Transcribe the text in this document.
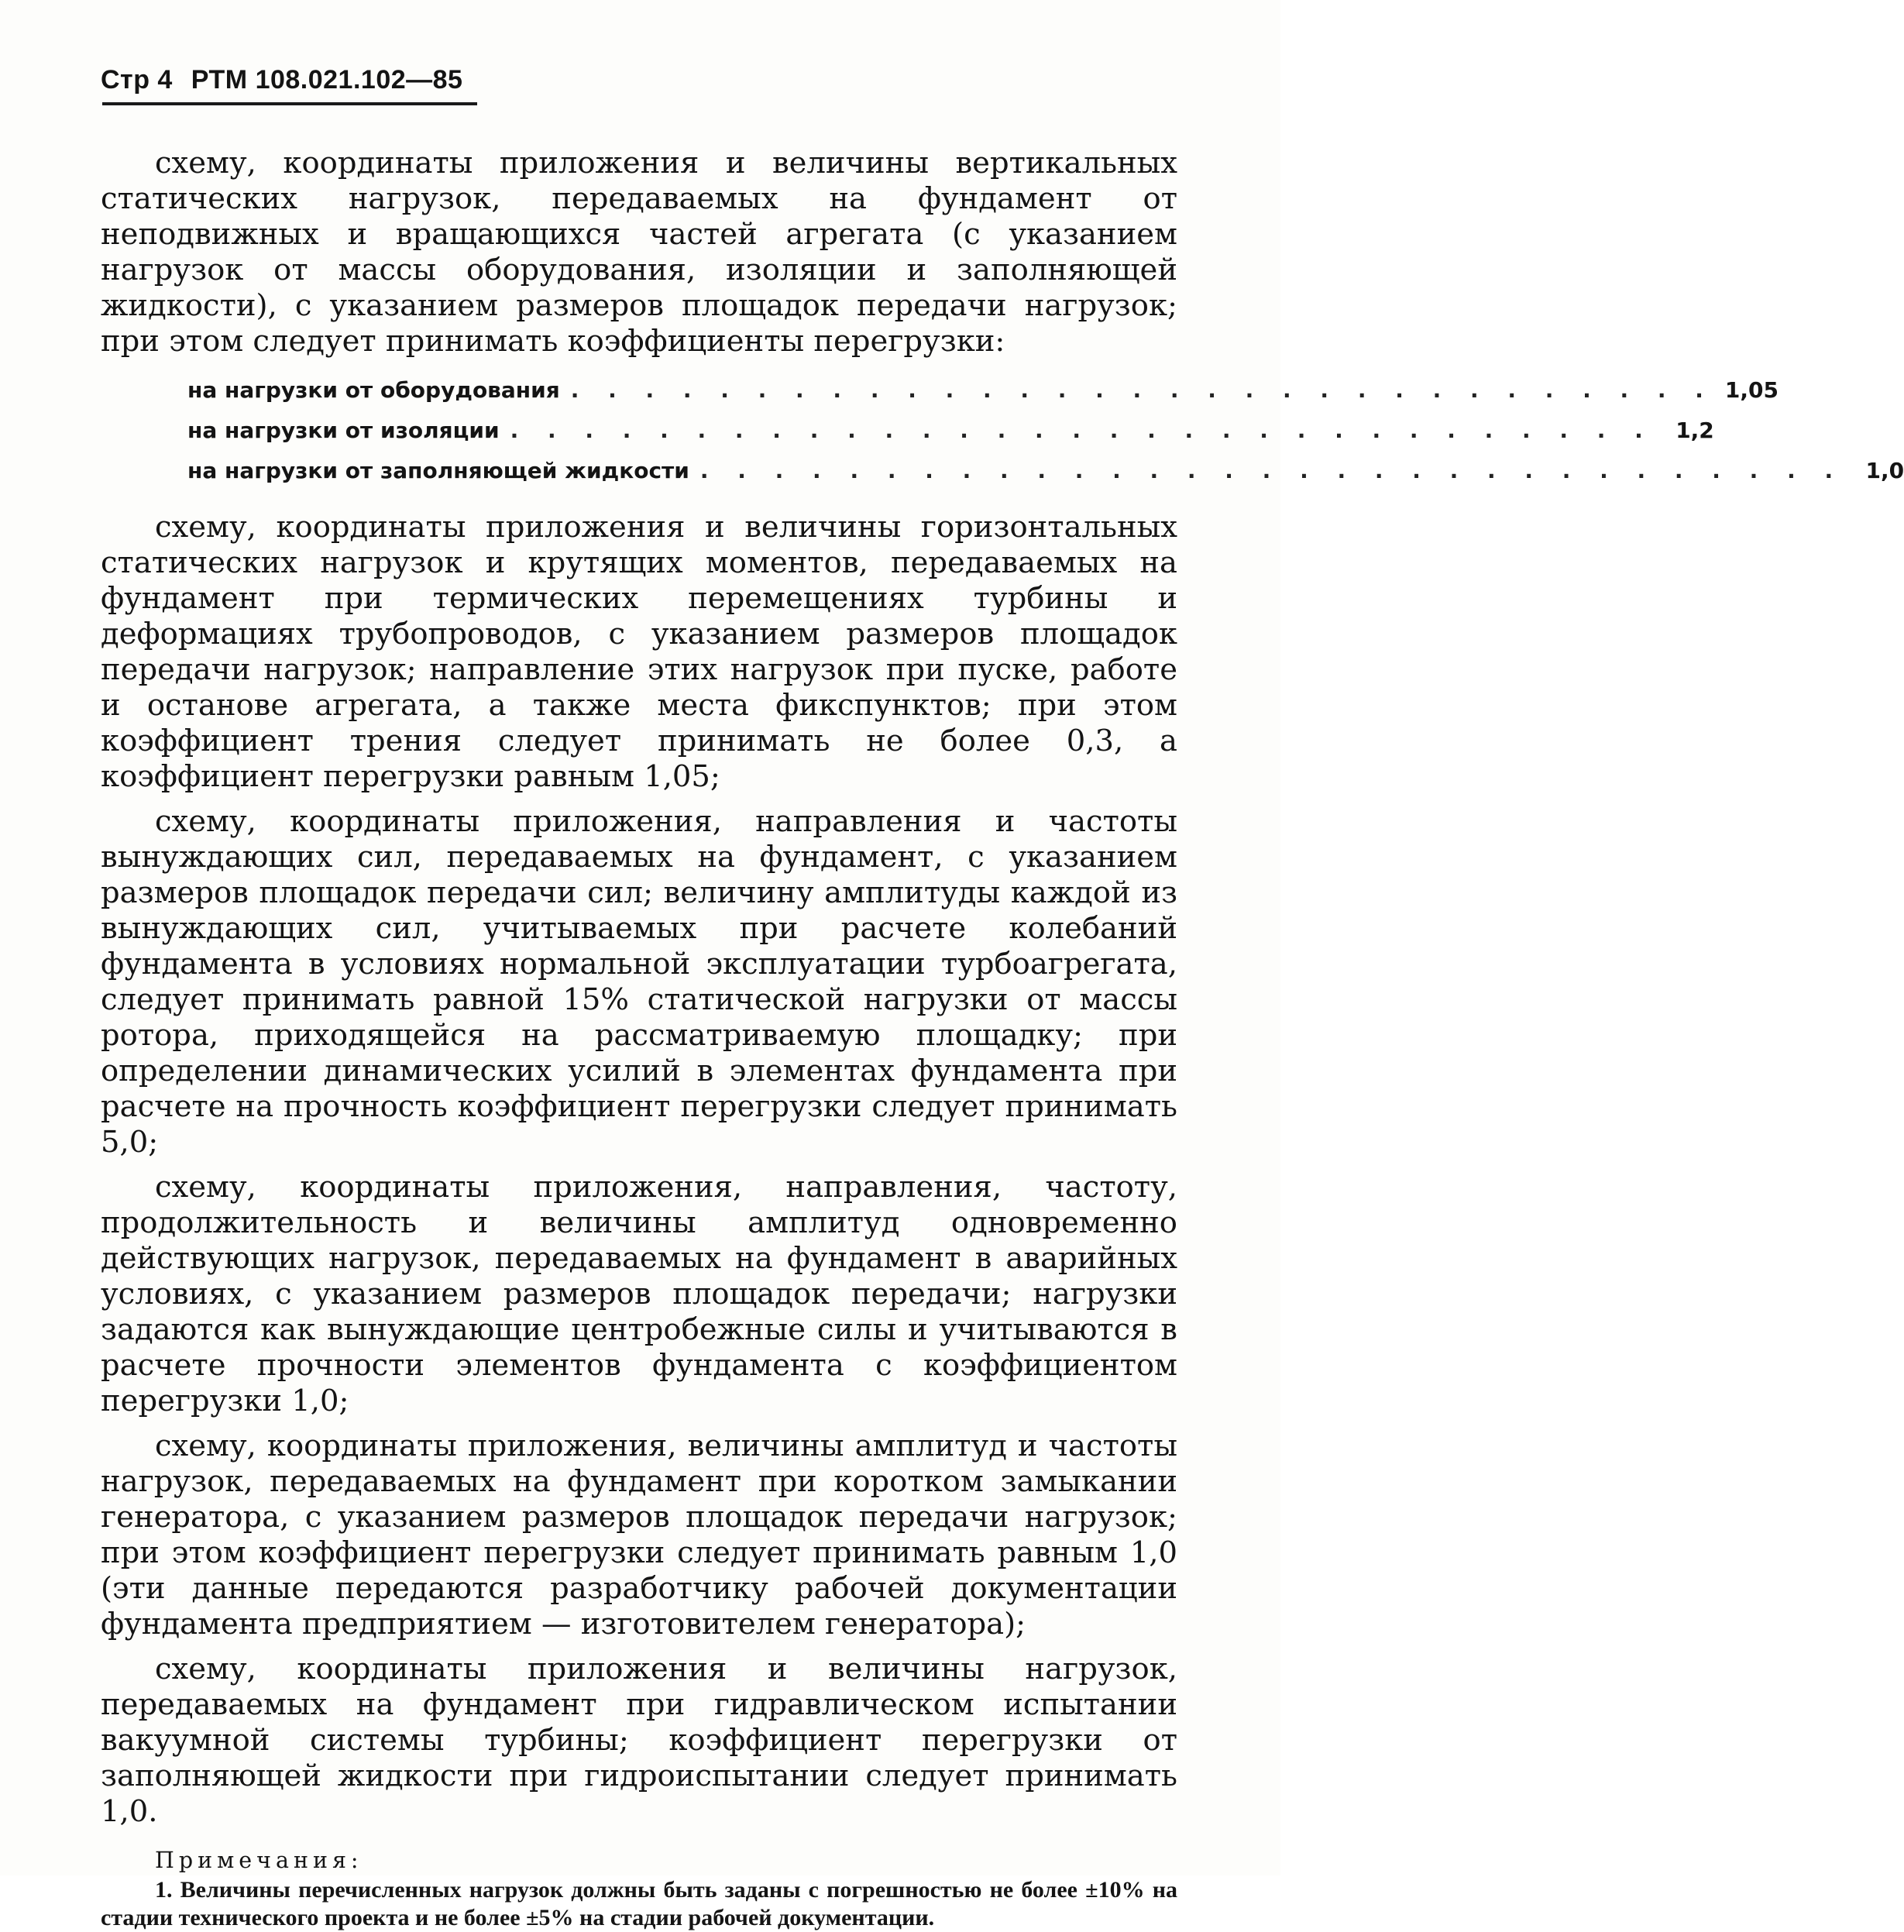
Стр 4 РТМ 108.021.102—85

схему, координаты приложения и величины вертикальных статических нагрузок, передаваемых на фундамент от неподвижных и вращающихся частей агрегата (с указанием нагрузок от массы оборудования, изоляции и заполняющей жидкости), с указанием размеров площадок передачи нагрузок; при этом следует принимать коэффициенты перегрузки:

на нагрузки от оборудования . . . . . . . . . . . . . . . . . . . . . . . . . . . . . . . 1,05
на нагрузки от изоляции . . . . . . . . . . . . . . . . . . . . . . . . . . . . . . .	1,2
на нагрузки от заполняющей жидкости . . . . . . . . . . . . . . . . . . . . . . . . . . . . . . .	1,0

схему, координаты приложения и величины горизонтальных статических нагрузок и крутящих моментов, передаваемых на фундамент при термических перемещениях турбины и деформациях трубопроводов, с указанием размеров площадок передачи нагрузок; направление этих нагрузок при пуске, работе и останове агрегата, а также места фикспунктов; при этом коэффициент трения следует принимать не более 0,3, а коэффициент перегрузки равным 1,05;

схему, координаты приложения, направления и частоты вынуждающих сил, передаваемых на фундамент, с указанием размеров площадок передачи сил; величину амплитуды каждой из вынуждающих сил, учитываемых при расчете колебаний фундамента в условиях нормальной эксплуатации турбоагрегата, следует принимать равной 15% статической нагрузки от массы ротора, приходящейся на рассматриваемую площадку; при определении динамических усилий в элементах фундамента при расчете на прочность коэффициент перегрузки следует принимать 5,0;

схему, координаты приложения, направления, частоту, продолжительность и величины амплитуд одновременно действующих нагрузок, передаваемых на фундамент в аварийных условиях, с указанием размеров площадок передачи; нагрузки задаются как вынуждающие центробежные силы и учитываются в расчете прочности элементов фундамента с коэффициентом перегрузки 1,0;

схему, координаты приложения, величины амплитуд и частоты нагрузок, передаваемых на фундамент при коротком замыкании генератора, с указанием размеров площадок передачи нагрузок; при этом коэффициент перегрузки следует принимать равным 1,0 (эти данные передаются разработчику рабочей документации фундамента предприятием — изготовителем генератора);

схему, координаты приложения и величины нагрузок, передаваемых на фундамент при гидравлическом испытании вакуумной системы турбины; коэффициент перегрузки от заполняющей жидкости при гидроиспытании следует принимать 1,0.

Примечания:

1. Величины перечисленных нагрузок должны быть заданы с погрешностью не более ±10% на стадии технического проекта и не более ±5% на стадии рабочей документации.
